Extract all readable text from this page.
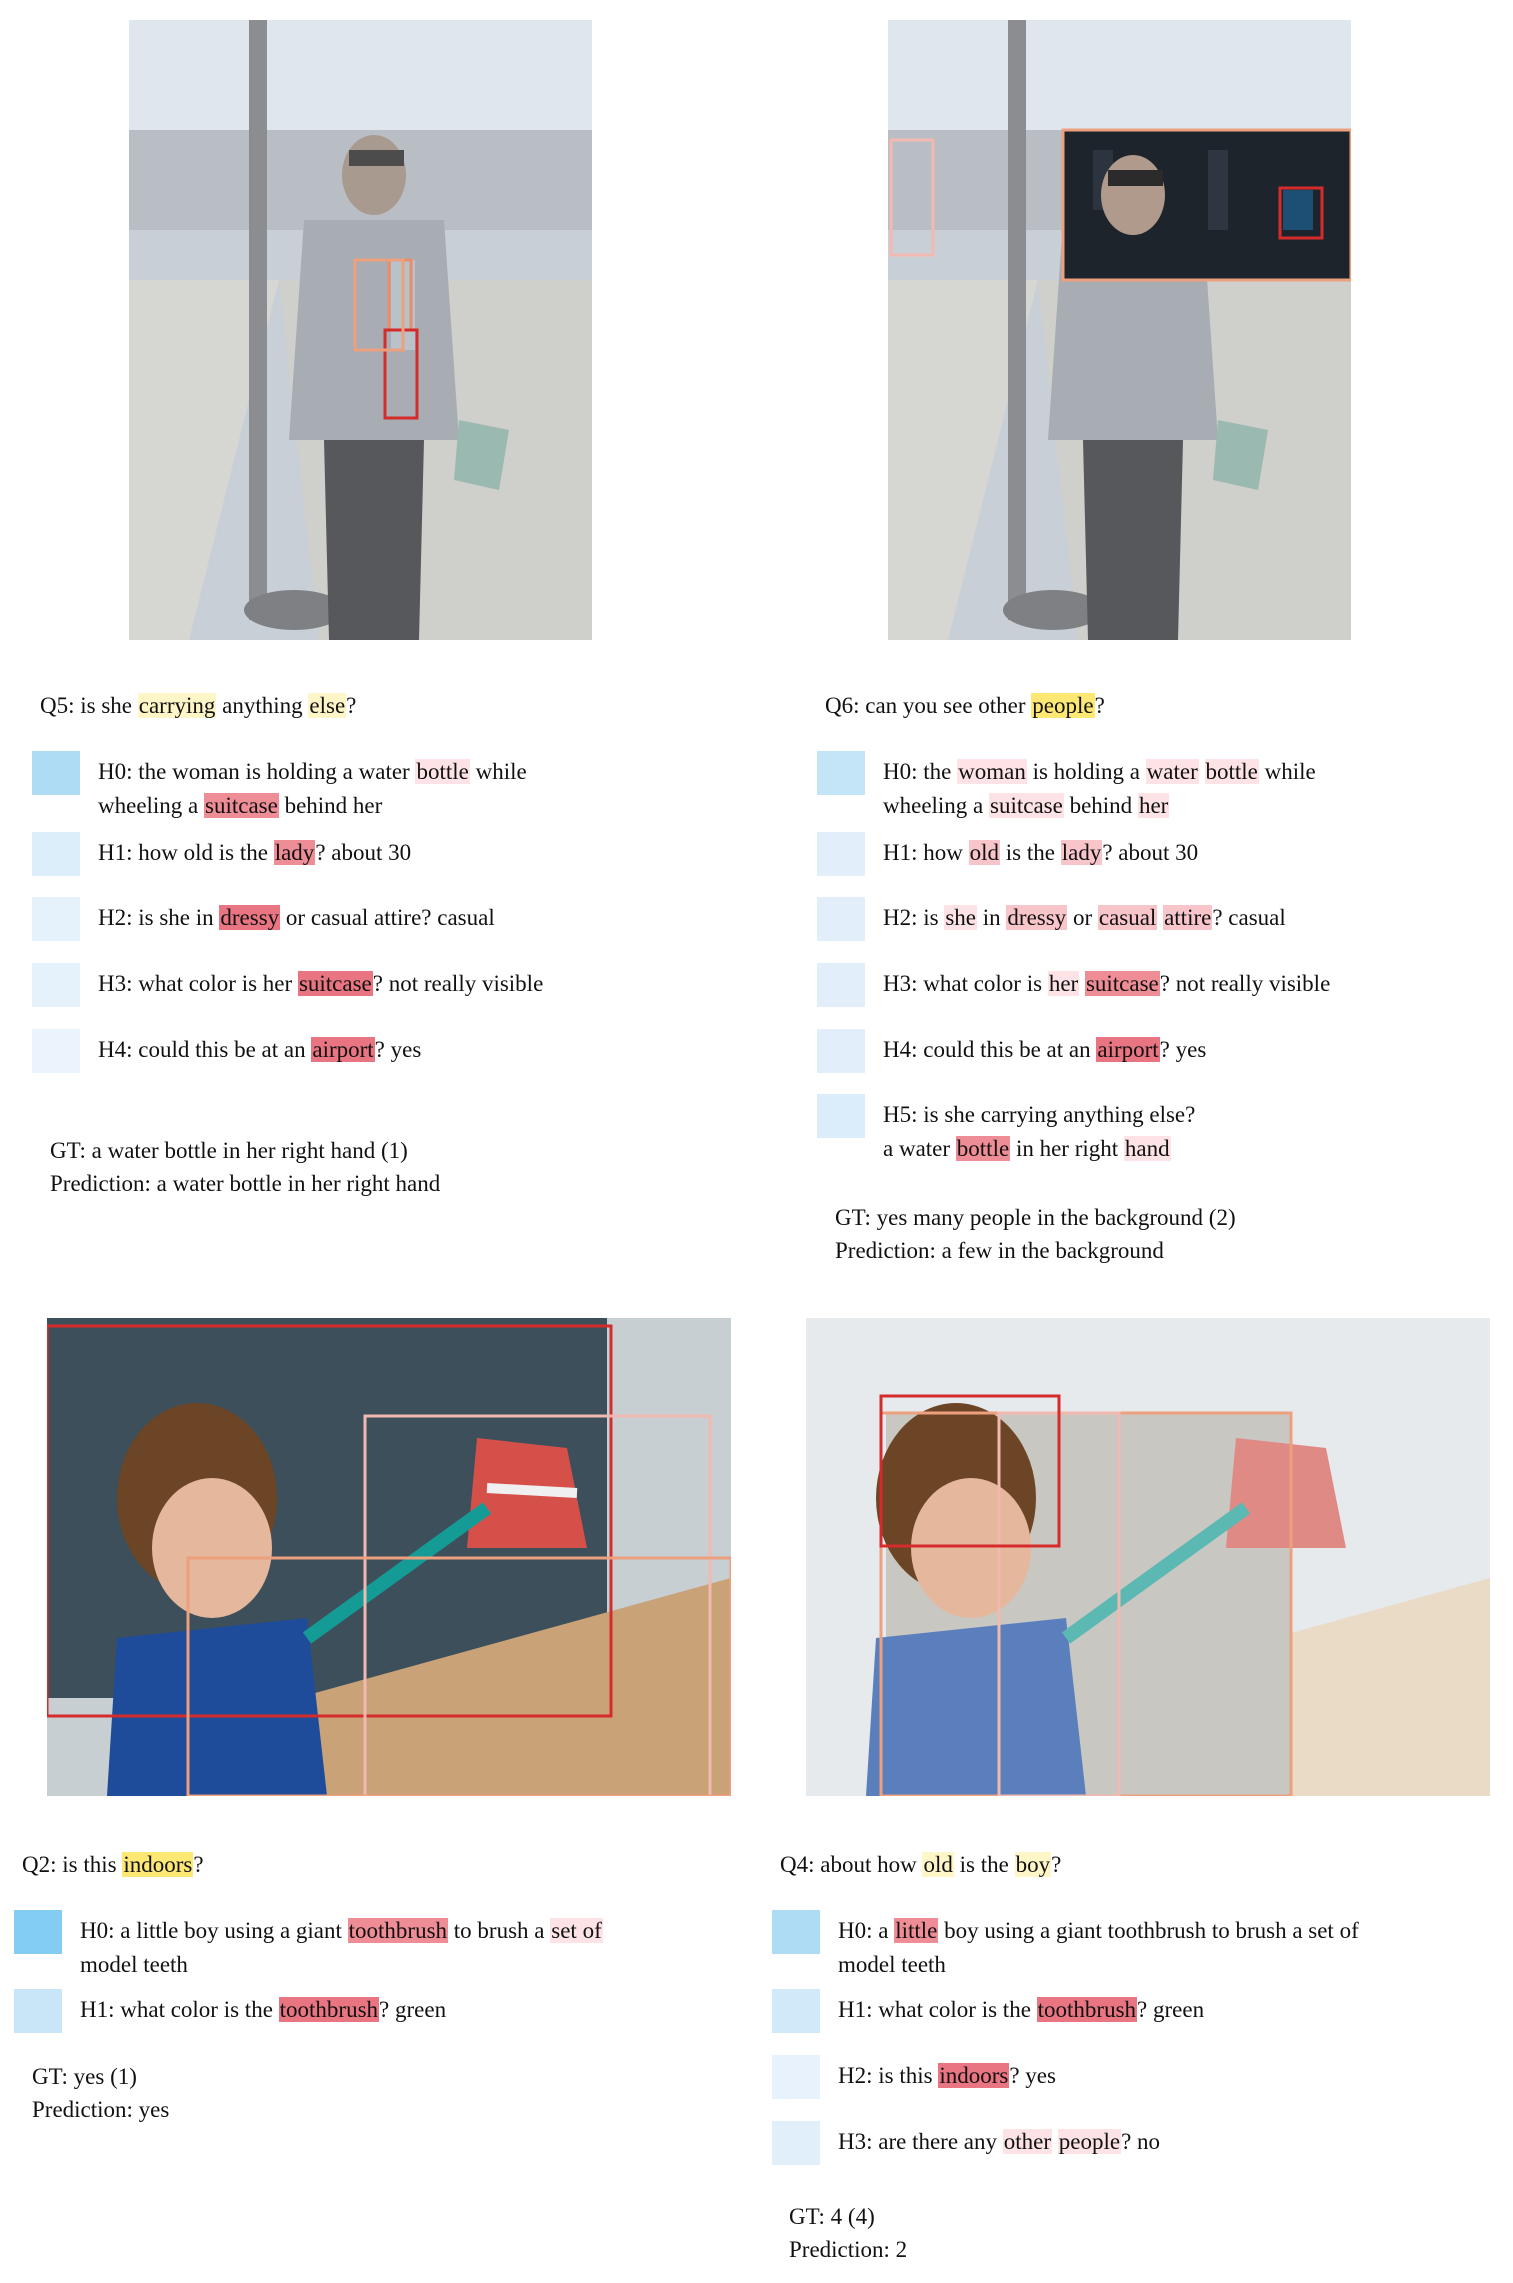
Q5: is she carrying anything else?
H0: the woman is holding a water bottle while
wheeling a suitcase behind her
H1: how old is the lady? about 30
H2: is she in dressy or casual attire? casual
H3: what color is her suitcase? not really visible
H4: could this be at an airport? yes
GT: a water bottle in her right hand (1)
Prediction: a water bottle in her right hand
Q6: can you see other people?
H0: the woman is holding a water bottle while
wheeling a suitcase behind her
H1: how old is the lady? about 30
H2: is she in dressy or casual attire? casual
H3: what color is her suitcase? not really visible
H4: could this be at an airport? yes
H5: is she carrying anything else?
a water bottle in her right hand
GT: yes many people in the background (2)
Prediction: a few in the background
Q2: is this indoors?
H0: a little boy using a giant toothbrush to brush a set of
model teeth
H1: what color is the toothbrush? green
GT: yes (1)
Prediction: yes
Q4: about how old is the boy?
H0: a little boy using a giant toothbrush to brush a set of
model teeth
H1: what color is the toothbrush? green
H2: is this indoors? yes
H3: are there any other people? no
GT: 4 (4)
Prediction: 2
